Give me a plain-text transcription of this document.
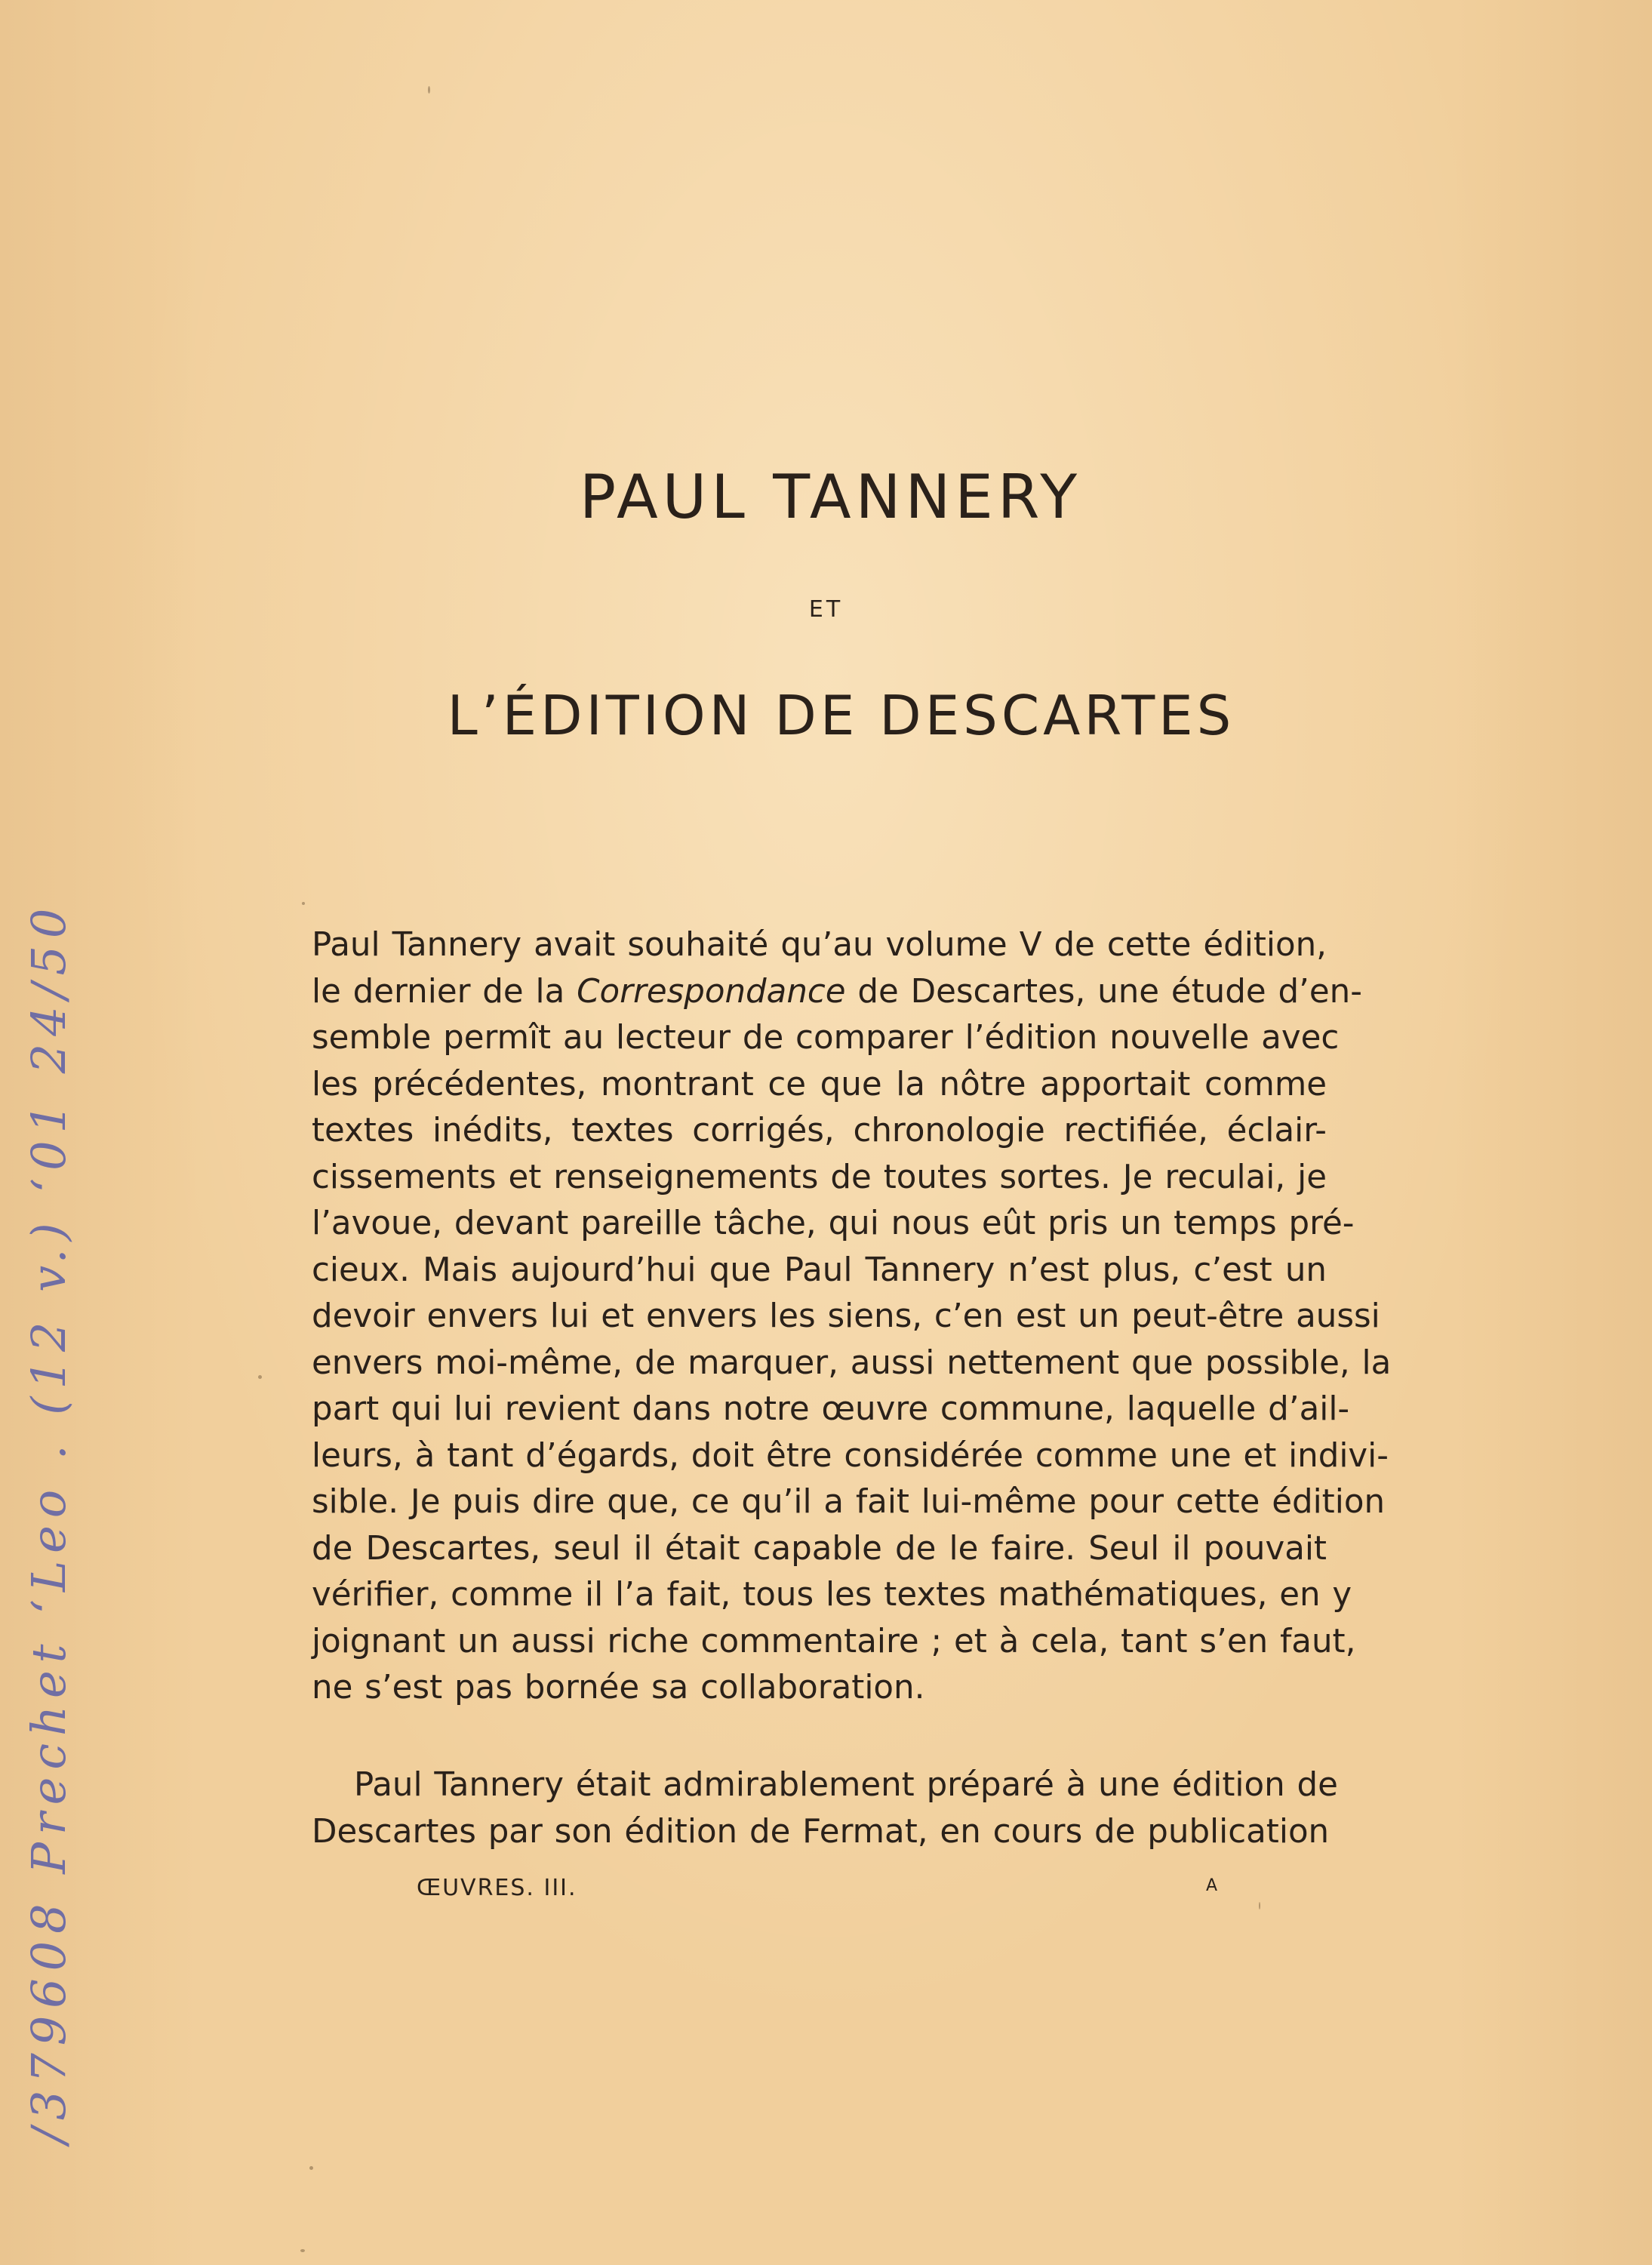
PAUL TANNERY
ET
L’ÉDITION DE DESCARTES
Paul Tannery avait souhaité qu’au volume V de cette édition,
le dernier de la Correspondance de Descartes, une étude d’en-
semble permît au lecteur de comparer l’édition nouvelle avec
les précédentes, montrant ce que la nôtre apportait comme
textes inédits, textes corrigés, chronologie rectifiée, éclair-
cissements et renseignements de toutes sortes. Je reculai, je
l’avoue, devant pareille tâche, qui nous eût pris un temps pré-
cieux. Mais aujourd’hui que Paul Tannery n’est plus, c’est un
devoir envers lui et envers les siens, c’en est un peut-être aussi
envers moi-même, de marquer, aussi nettement que possible, la
part qui lui revient dans notre œuvre commune, laquelle d’ail-
leurs, à tant d’égards, doit être considérée comme une et indivi-
sible. Je puis dire que, ce qu’il a fait lui-même pour cette édition
de Descartes, seul il était capable de le faire. Seul il pouvait
vérifier, comme il l’a fait, tous les textes mathématiques, en y
joignant un aussi riche commentaire ; et à cela, tant s’en faut,
ne s’est pas bornée sa collaboration.
Paul Tannery était admirablement préparé à une édition de
Descartes par son édition de Fermat, en cours de publication
ŒUVRES. III.	A
/379608 Prechet ‘Leo . (12 v.) ‘01 24/50
